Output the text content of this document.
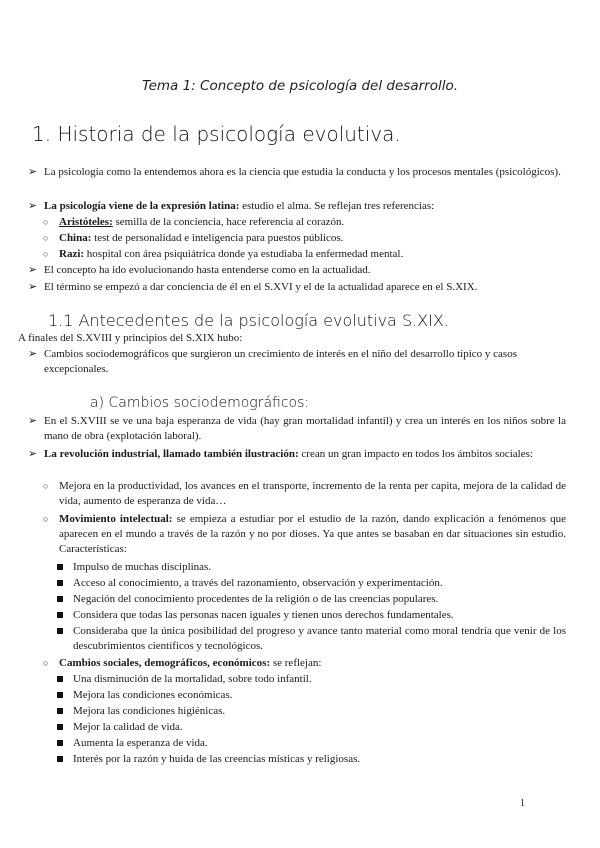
Tema 1: Concepto de psicología del desarrollo.
1. Historia de la psicología evolutiva.
➢ La psicología como la entendemos ahora es la ciencia que estudia la conducta y los procesos mentales (psicológicos).
➢ La psicología viene de la expresión latina: estudio el alma. Se reflejan tres referencias:
○ Aristóteles: semilla de la conciencia, hace referencia al corazón.
○ China: test de personalidad e inteligencia para puestos públicos.
○ Razi: hospital con área psiquiátrica donde ya estudiaba la enfermedad mental.
➢ El concepto ha ido evolucionando hasta entenderse como en la actualidad.
➢ El término se empezó a dar conciencia de él en el S.XVI y el de la actualidad aparece en el S.XIX.
1.1 Antecedentes de la psicología evolutiva S.XIX.
A finales del S.XVIII y principios del S.XIX hubo:
➢ Cambios sociodemográficos que surgieron un crecimiento de interés en el niño del desarrollo típico y casos excepcionales.
a) Cambios sociodemográficos:
➢ En el S.XVIII se ve una baja esperanza de vida (hay gran mortalidad infantil) y crea un interés en los niños sobre la mano de obra (explotación laboral).
➢ La revolución industrial, llamado también ilustración: crean un gran impacto en todos los ámbitos sociales:
○ Mejora en la productividad, los avances en el transporte, incremento de la renta per capita, mejora de la calidad de vida, aumento de esperanza de vida…
○ Movimiento intelectual: se empieza a estudiar por el estudio de la razón, dando explicación a fenómenos que aparecen en el mundo a través de la razón y no por dioses. Ya que antes se basaban en dar situaciones sin estudio. Características:
Impulso de muchas disciplinas.
Acceso al conocimiento, a través del razonamiento, observación y experimentación.
Negación del conocimiento procedentes de la religión o de las creencias populares.
Considera que todas las personas nacen iguales y tienen unos derechos fundamentales.
Consideraba que la única posibilidad del progreso y avance tanto material como moral tendría que venir de los descubrimientos científicos y tecnológicos.
○ Cambios sociales, demográficos, económicos: se reflejan:
Una disminución de la mortalidad, sobre todo infantil.
Mejora las condiciones económicas.
Mejora las condiciones higiénicas.
Mejor la calidad de vida.
Aumenta la esperanza de vida.
Interés por la razón y huida de las creencias místicas y religiosas.
1
